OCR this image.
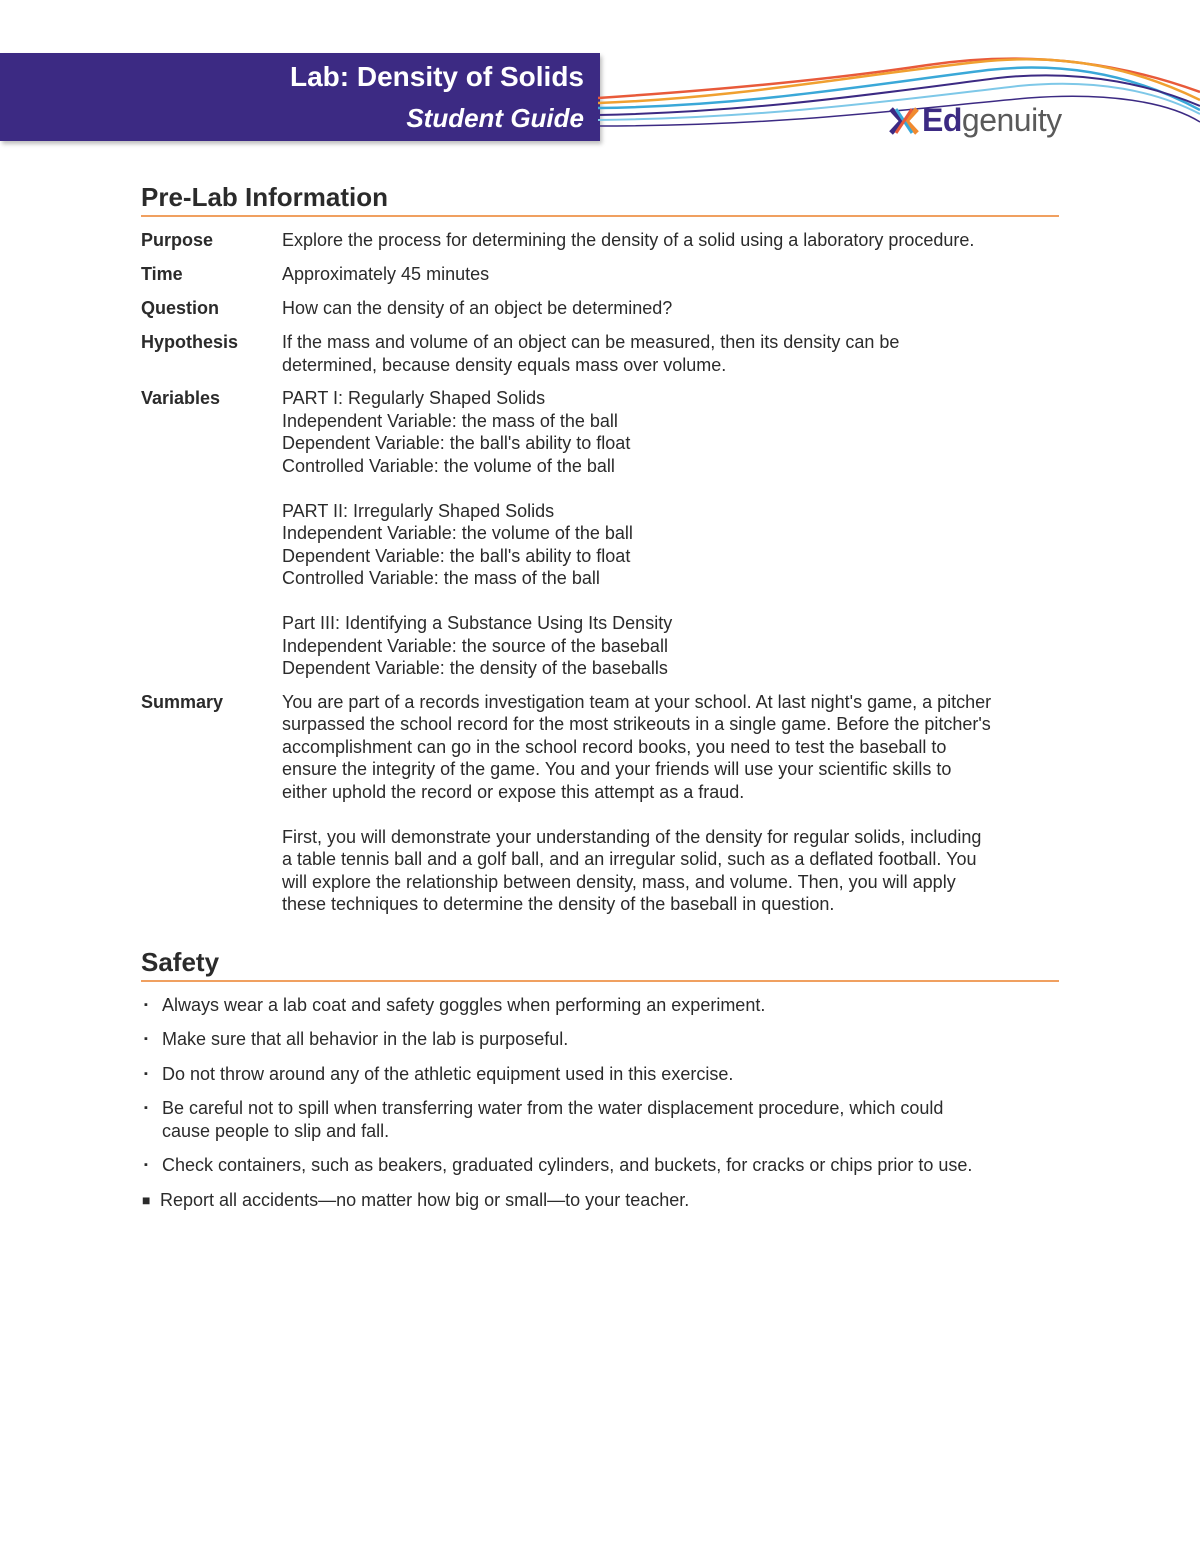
Lab: Density of Solids
Student Guide	Edgenuity
Pre-Lab Information
Purpose	Explore the process for determining the density of a solid using a laboratory procedure.
Time	Approximately 45 minutes
Question	How can the density of an object be determined?
Hypothesis	If the mass and volume of an object can be measured, then its density can be
determined, because density equals mass over volume.
Variables	PART I: Regularly Shaped Solids
Independent Variable: the mass of the ball
Dependent Variable: the ball's ability to float
Controlled Variable: the volume of the ball
PART II: Irregularly Shaped Solids
Independent Variable: the volume of the ball
Dependent Variable: the ball's ability to float
Controlled Variable: the mass of the ball
Part III: Identifying a Substance Using Its Density
Independent Variable: the source of the baseball
Dependent Variable: the density of the baseballs
Summary	You are part of a records investigation team at your school. At last night's game, a pitcher
surpassed the school record for the most strikeouts in a single game. Before the pitcher's
accomplishment can go in the school record books, you need to test the baseball to
ensure the integrity of the game. You and your friends will use your scientific skills to
either uphold the record or expose this attempt as a fraud.
First, you will demonstrate your understanding of the density for regular solids, including
a table tennis ball and a golf ball, and an irregular solid, such as a deflated football. You
will explore the relationship between density, mass, and volume. Then, you will apply
these techniques to determine the density of the baseball in question.
Safety
▪ Always wear a lab coat and safety goggles when performing an experiment.
▪ Make sure that all behavior in the lab is purposeful.
▪ Do not throw around any of the athletic equipment used in this exercise.
▪ Be careful not to spill when transferring water from the water displacement procedure, which could
cause people to slip and fall.
▪ Check containers, such as beakers, graduated cylinders, and buckets, for cracks or chips prior to use.
■ Report all accidents—no matter how big or small—to your teacher.
